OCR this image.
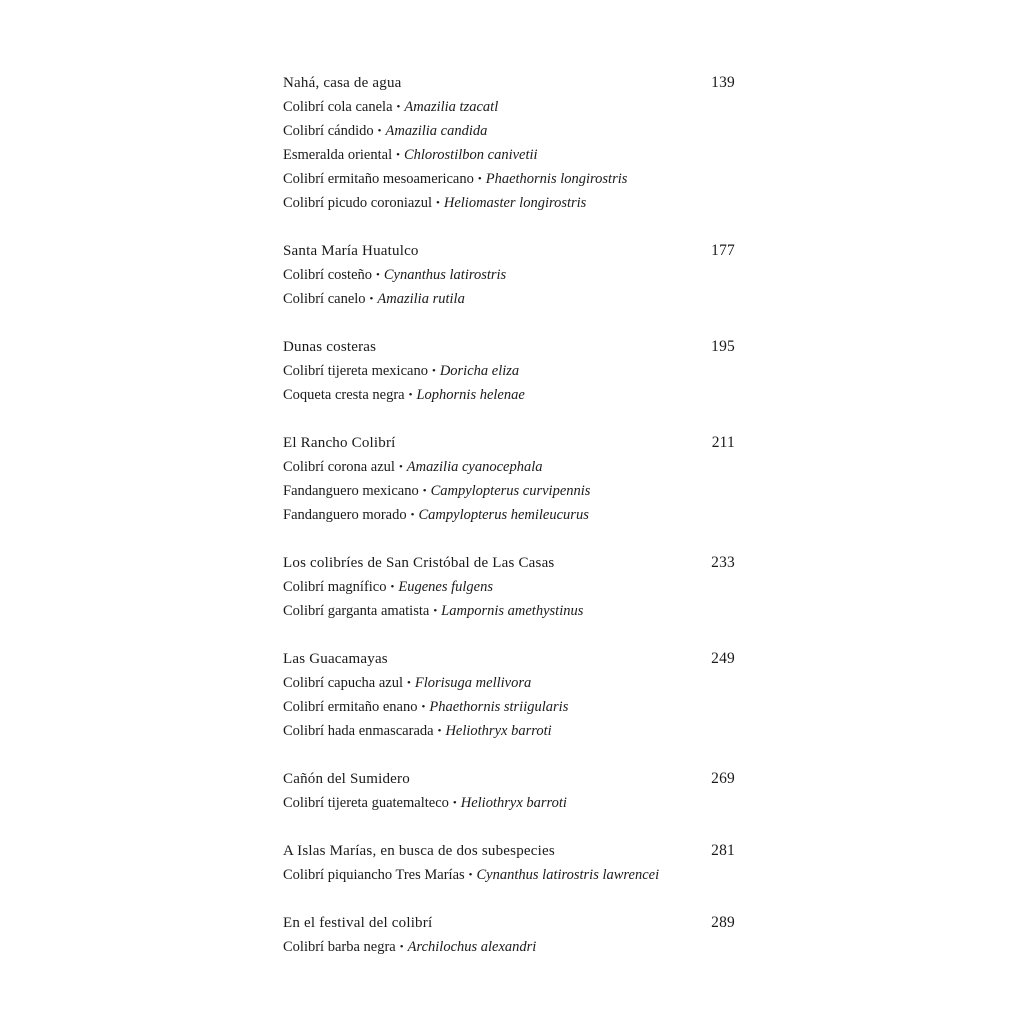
Nahá, casa de agua	139
Colibrí cola canela • Amazilia tzacatl
Colibrí cándido • Amazilia candida
Esmeralda oriental • Chlorostilbon canivetii
Colibrí ermitaño mesoamericano • Phaethornis longirostris
Colibrí picudo coroniazul • Heliomaster longirostris
Santa María Huatulco	177
Colibrí costeño • Cynanthus latirostris
Colibrí canelo • Amazilia rutila
Dunas costeras	195
Colibrí tijereta mexicano • Doricha eliza
Coqueta cresta negra • Lophornis helenae
El Rancho Colibrí	211
Colibrí corona azul • Amazilia cyanocephala
Fandanguero mexicano • Campylopterus curvipennis
Fandanguero morado • Campylopterus hemileucurus
Los colibríes de San Cristóbal de Las Casas	233
Colibrí magnífico • Eugenes fulgens
Colibrí garganta amatista • Lampornis amethystinus
Las Guacamayas	249
Colibrí capucha azul • Florisuga mellivora
Colibrí ermitaño enano • Phaethornis striigularis
Colibrí hada enmascarada • Heliothryx barroti
Cañón del Sumidero	269
Colibrí tijereta guatemalteco • Heliothryx barroti
A Islas Marías, en busca de dos subespecies	281
Colibrí piquiancho Tres Marías • Cynanthus latirostris lawrencei
En el festival del colibrí	289
Colibrí barba negra • Archilochus alexandri
